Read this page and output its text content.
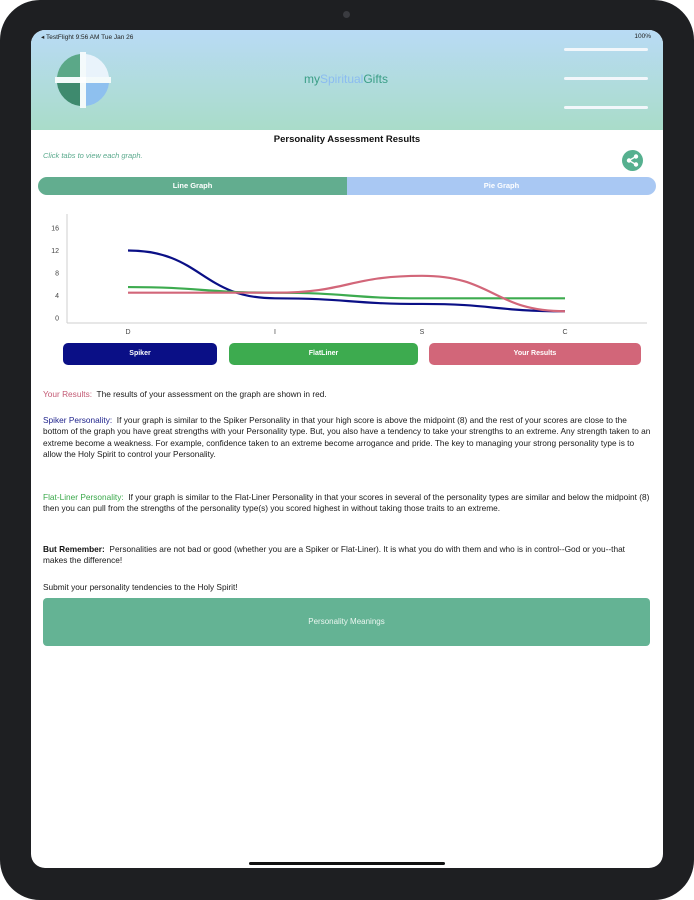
◂ TestFlight 9:56 AM Tue Jan 26	100%
mySpiritualGifts
Personality Assessment Results
Click tabs to view each graph.
Line Graph	Pie Graph
16
12
8
4
0
D	I	S	C
Spiker	FlatLiner	Your Results
Your Results: The results of your assessment on the graph are shown in red.
Spiker Personality: If your graph is similar to the Spiker Personality in that your high score is above the midpoint (8) and the rest of your scores are close to the bottom of the graph you have great strengths with your Personality type. But, you also have a tendency to take your strengths to an extreme. Any strength taken to an extreme become a weakness. For example, confidence taken to an extreme become arrogance and pride. The key to managing your strong personality type is to allow the Holy Spirit to control your Personality.
Flat-Liner Personality: If your graph is similar to the Flat-Liner Personality in that your scores in several of the personality types are similar and below the midpoint (8) then you can pull from the strengths of the personality type(s) you scored highest in without taking those traits to an extreme.
But Remember: Personalities are not bad or good (whether you are a Spiker or Flat-Liner). It is what you do with them and who is in control--God or you--that makes the difference!
Submit your personality tendencies to the Holy Spirit!
Personality Meanings
